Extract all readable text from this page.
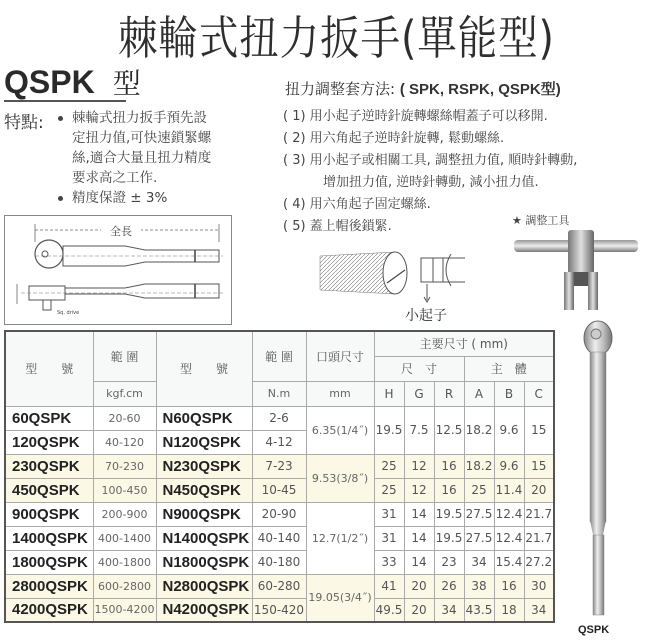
棘輪式扭力扳手(單能型)
QSPK 型
特點:	棘輪式扭力扳手預先設定扭力值,可快速鎖緊螺絲,適合大量且扭力精度要求高之工作.
精度保證 ± 3%
全長
Sq. drive
扭力調整套方法: ( SPK, RSPK, QSPK型)
( 1) 用小起子逆時針旋轉螺絲帽蓋子可以移開.
( 2) 用六角起子逆時針旋轉, 鬆動螺絲.
( 3) 用小起子或相關工具, 調整扭力值, 順時針轉動,
增加扭力值, 逆時針轉動, 減小扭力值.
( 4) 用六角起子固定螺絲.
( 5) 蓋上帽後鎖緊.	★ 調整工具
小起子
QSPK
型　　號	範 圍	型　　號	範 圍	口頭尺寸	主要尺寸 ( mm)					
					尺　寸			主　體		
	kgf.cm		N.m	mm	H	G	R	A	B	C
60QSPK	20-60	N60QSPK	2-6	6.35(1/4˝)	19.5	7.5	12.5	18.2	9.6	15
120QSPK	40-120	N120QSPK	4-12							
230QSPK	70-230	N230QSPK	7-23	9.53(3/8˝)	25	12	16	18.2	9.6	15
450QSPK	100-450	N450QSPK	10-45		25	12	16	25	11.4	20
900QSPK	200-900	N900QSPK	20-90	12.7(1/2˝)	31	14	19.5	27.5	12.4	21.7
1400QSPK	400-1400	N1400QSPK	40-140		31	14	19.5	27.5	12.4	21.7
1800QSPK	400-1800	N1800QSPK	40-180		33	14	23	34	15.4	27.2
2800QSPK	600-2800	N2800QSPK	60-280	19.05(3/4˝)	41	20	26	38	16	30
4200QSPK	1500-4200	N4200QSPK	150-420		49.5	20	34	43.5	18	34
